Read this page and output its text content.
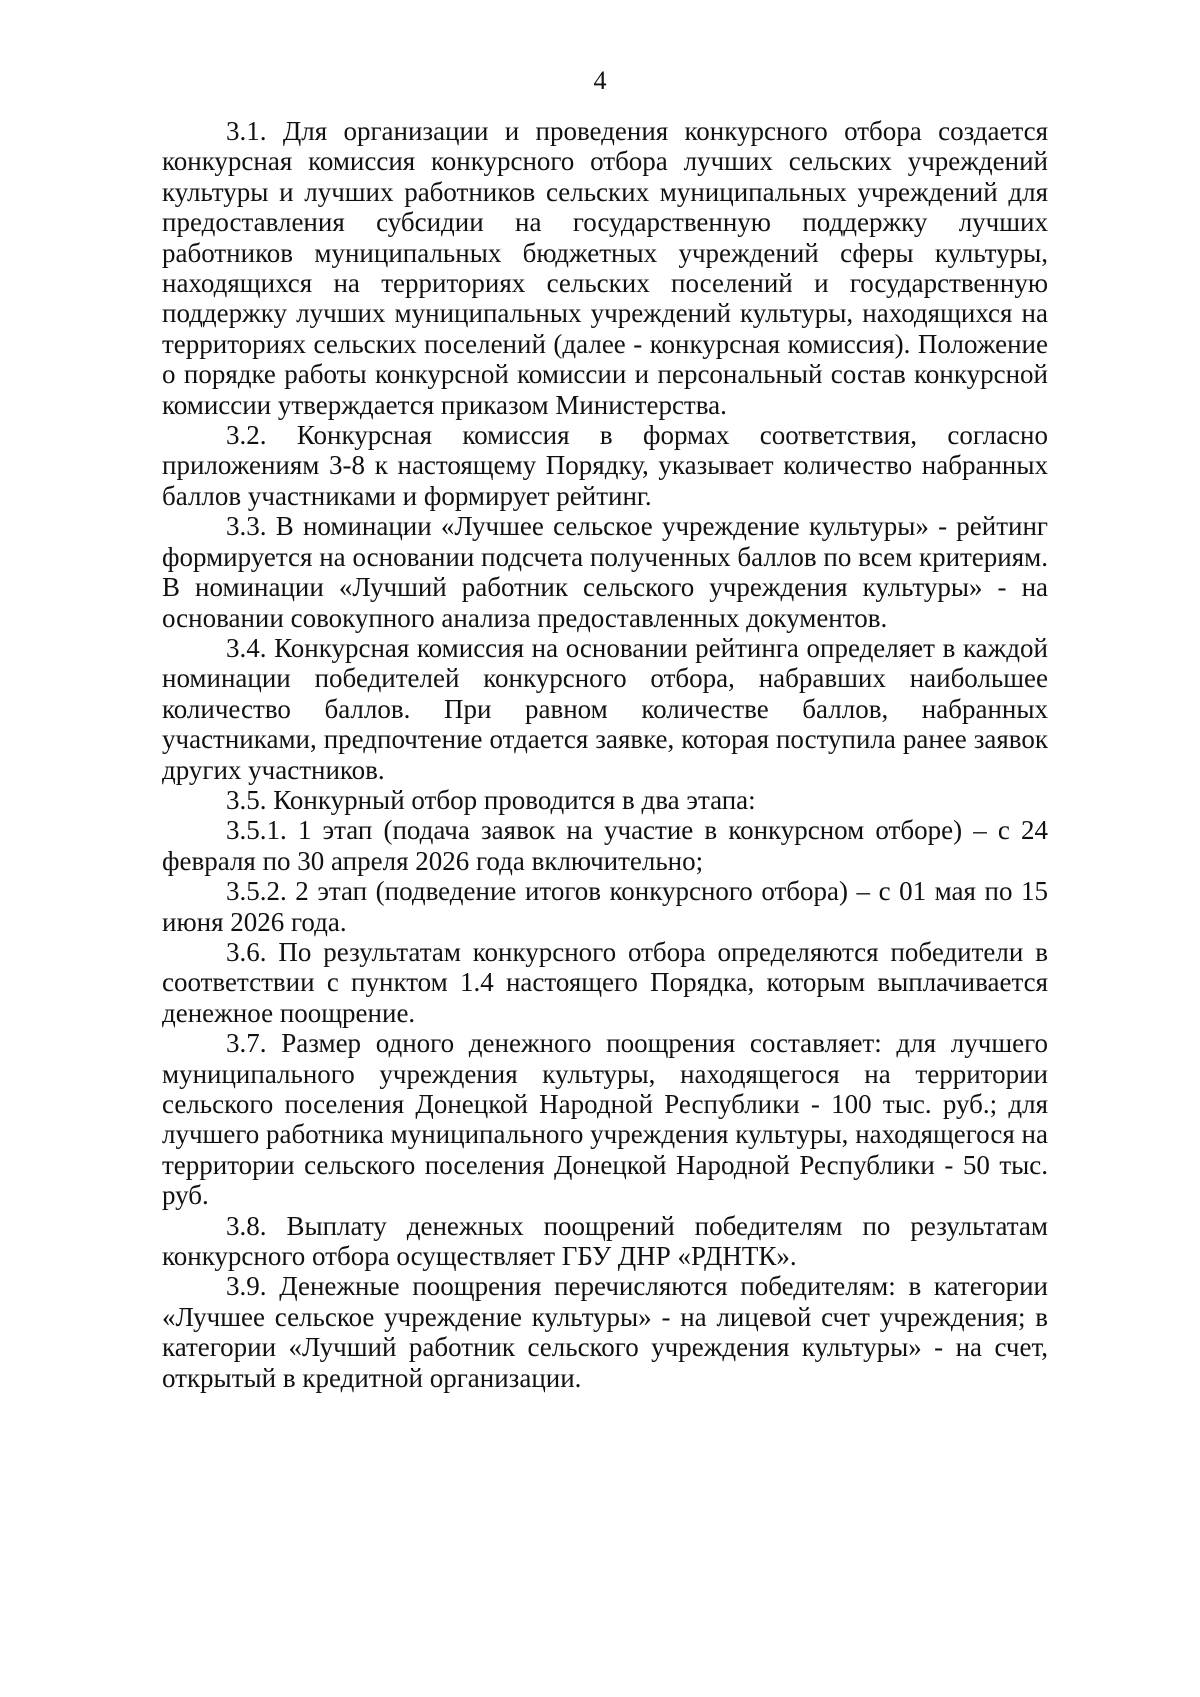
4

3.1. Для организации и проведения конкурсного отбора создается конкурсная комиссия конкурсного отбора лучших сельских учреждений культуры и лучших работников сельских муниципальных учреждений для предоставления субсидии на государственную поддержку лучших работников муниципальных бюджетных учреждений сферы культуры, находящихся на территориях сельских поселений и государственную поддержку лучших муниципальных учреждений культуры, находящихся на территориях сельских поселений (далее - конкурсная комиссия). Положение о порядке работы конкурсной комиссии и персональный состав конкурсной комиссии утверждается приказом Министерства.

3.2. Конкурсная комиссия в формах соответствия, согласно приложениям 3-8 к настоящему Порядку, указывает количество набранных баллов участниками и формирует рейтинг.

3.3. В номинации «Лучшее сельское учреждение культуры» - рейтинг формируется на основании подсчета полученных баллов по всем критериям. В номинации «Лучший работник сельского учреждения культуры» - на основании совокупного анализа предоставленных документов.

3.4. Конкурсная комиссия на основании рейтинга определяет в каждой номинации победителей конкурсного отбора, набравших наибольшее количество баллов. При равном количестве баллов, набранных участниками, предпочтение отдается заявке, которая поступила ранее заявок других участников.

3.5. Конкурный отбор проводится в два этапа:

3.5.1. 1 этап (подача заявок на участие в конкурсном отборе) – с 24 февраля по 30 апреля 2026 года включительно;

3.5.2. 2 этап (подведение итогов конкурсного отбора) – с 01 мая по 15 июня 2026 года.

3.6. По результатам конкурсного отбора определяются победители в соответствии с пунктом 1.4 настоящего Порядка, которым выплачивается денежное поощрение.

3.7. Размер одного денежного поощрения составляет: для лучшего муниципального учреждения культуры, находящегося на территории сельского поселения Донецкой Народной Республики - 100 тыс. руб.; для лучшего работника муниципального учреждения культуры, находящегося на территории сельского поселения Донецкой Народной Республики - 50 тыс. руб.

3.8. Выплату денежных поощрений победителям по результатам конкурсного отбора осуществляет ГБУ ДНР «РДНТК».

3.9. Денежные поощрения перечисляются победителям: в категории «Лучшее сельское учреждение культуры» - на лицевой счет учреждения; в категории «Лучший работник сельского учреждения культуры» - на счет, открытый в кредитной организации.
